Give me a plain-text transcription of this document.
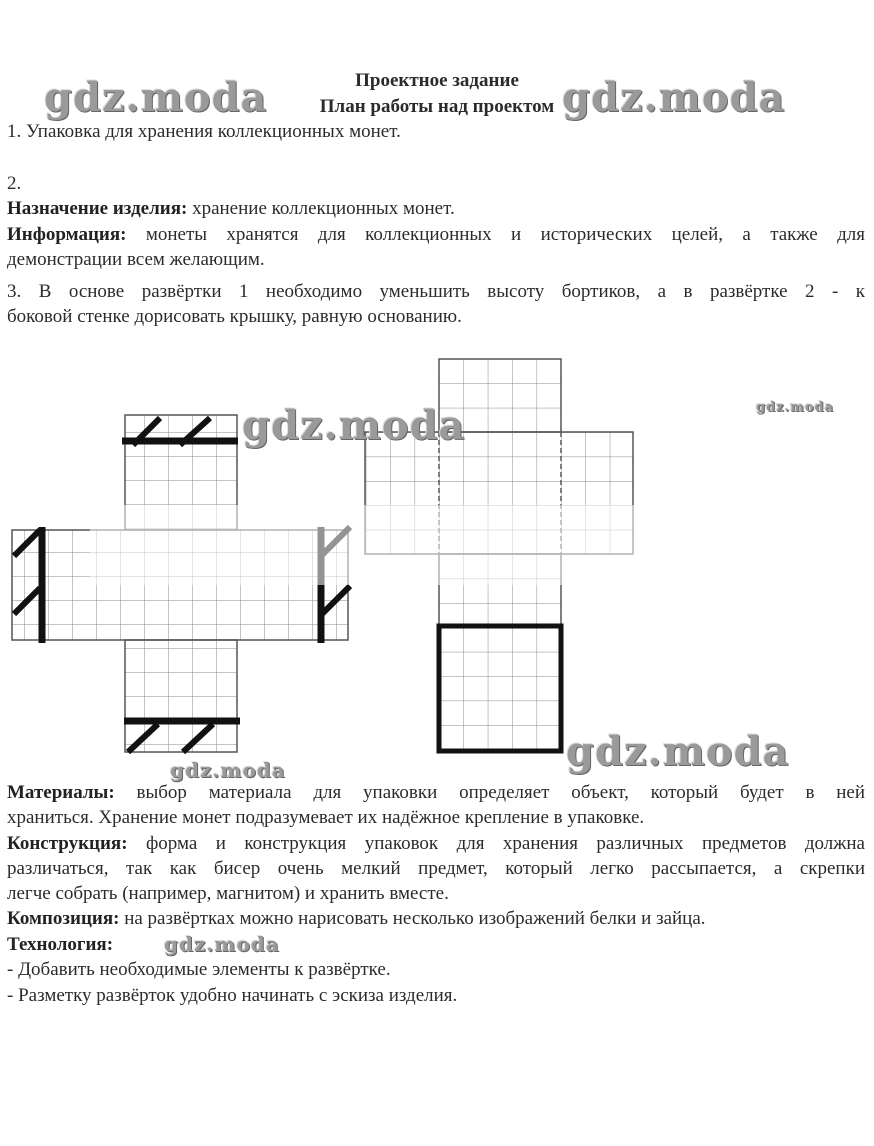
Проектное задание
План работы над проектом
1. Упаковка для хранения коллекционных монет.
2.
Назначение изделия: хранение коллекционных монет.
Информация: монеты хранятся для коллекционных и исторических целей, а также для
демонстрации всем желающим.
3. В основе развёртки 1 необходимо уменьшить высоту бортиков, а в развёртке 2 - к
боковой стенке дорисовать крышку, равную основанию.
Материалы: выбор материала для упаковки определяет объект, который будет в ней
храниться. Хранение монет подразумевает их надёжное крепление в упаковке.
Конструкция: форма и конструкция упаковок для хранения различных предметов должна
различаться, так как бисер очень мелкий предмет, который легко рассыпается, а скрепки
легче собрать (например, магнитом) и хранить вместе.
Композиция: на развёртках можно нарисовать несколько изображений белки и зайца.
Технология:
- Добавить необходимые элементы к развёртке.
- Разметку развёрток удобно начинать с эскиза изделия.
gdz.moda	gdz.moda
gdz.moda	gdz.moda
gdz.moda
gdz.moda
gdz.moda
